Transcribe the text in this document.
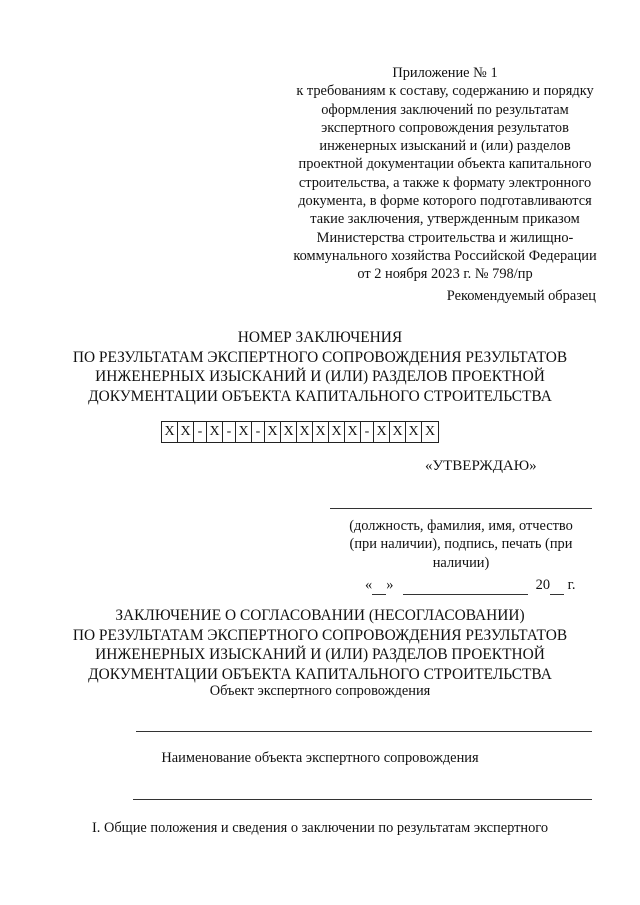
Приложение № 1
к требованиям к составу, содержанию и порядку
оформления заключений по результатам
экспертного сопровождения результатов
инженерных изысканий и (или) разделов
проектной документации объекта капитального
строительства, а также к формату электронного
документа, в форме которого подготавливаются
такие заключения, утвержденным приказом
Министерства строительства и жилищно-
коммунального хозяйства Российской Федерации
от 2 ноября 2023 г. № 798/пр
Рекомендуемый образец
НОМЕР ЗАКЛЮЧЕНИЯ
ПО РЕЗУЛЬТАТАМ ЭКСПЕРТНОГО СОПРОВОЖДЕНИЯ РЕЗУЛЬТАТОВ
ИНЖЕНЕРНЫХ ИЗЫСКАНИЙ И (ИЛИ) РАЗДЕЛОВ ПРОЕКТНОЙ
ДОКУМЕНТАЦИИ ОБЪЕКТА КАПИТАЛЬНОГО СТРОИТЕЛЬСТВА
Х Х - Х - Х - Х Х Х Х Х Х - Х Х Х Х
«УТВЕРЖДАЮ»
(должность, фамилия, имя, отчество
(при наличии), подпись, печать (при
наличии)
« »	20 г.
ЗАКЛЮЧЕНИЕ О СОГЛАСОВАНИИ (НЕСОГЛАСОВАНИИ)
ПО РЕЗУЛЬТАТАМ ЭКСПЕРТНОГО СОПРОВОЖДЕНИЯ РЕЗУЛЬТАТОВ
ИНЖЕНЕРНЫХ ИЗЫСКАНИЙ И (ИЛИ) РАЗДЕЛОВ ПРОЕКТНОЙ
ДОКУМЕНТАЦИИ ОБЪЕКТА КАПИТАЛЬНОГО СТРОИТЕЛЬСТВА
Объект экспертного сопровождения
Наименование объекта экспертного сопровождения
I. Общие положения и сведения о заключении по результатам экспертного
